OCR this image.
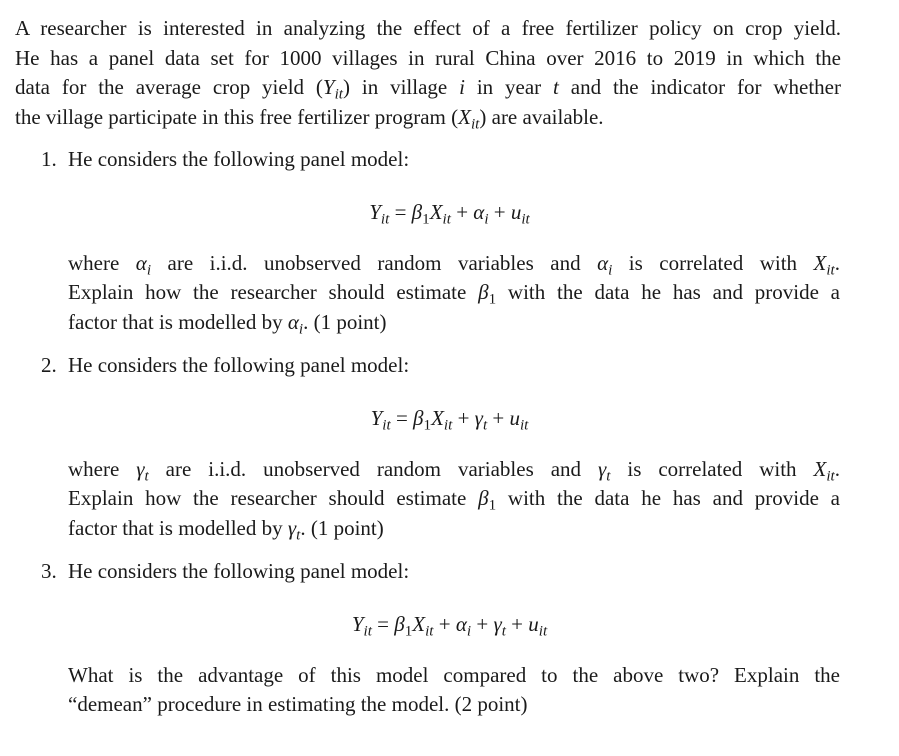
A researcher is interested in analyzing the effect of a free fertilizer policy on crop yield.
He has a panel data set for 1000 villages in rural China over 2016 to 2019 in which the
data for the average crop yield $(Y_{it})$ in village i in year t and the indicator for whether
the village participate in this free fertilizer program $(X_{it})$ are available.
1. He considers the following panel model:
$Y_{it} = \beta_1X_{it} + \alpha_i + u_{it}$
where $\alpha_i$ are i.i.d. unobserved random variables and $\alpha_i$ is correlated with $X_{it}$.
Explain how the researcher should estimate $\beta_1$ with the data he has and provide a
factor that is modelled by $\alpha_i$. (1 point)
2. He considers the following panel model:
$Y_{it} = \beta_1X_{it} + \gamma_t + u_{it}$
where $\gamma_t$ are i.i.d. unobserved random variables and $\gamma_t$ is correlated with $X_{it}$.
Explain how the researcher should estimate $\beta_1$ with the data he has and provide a
factor that is modelled by $\gamma_t$. (1 point)
3. He considers the following panel model:
$Y_{it} = \beta_1X_{it} + \alpha_i + \gamma_t + u_{it}$
What is the advantage of this model compared to the above two? Explain the
“demean” procedure in estimating the model. (2 point)
